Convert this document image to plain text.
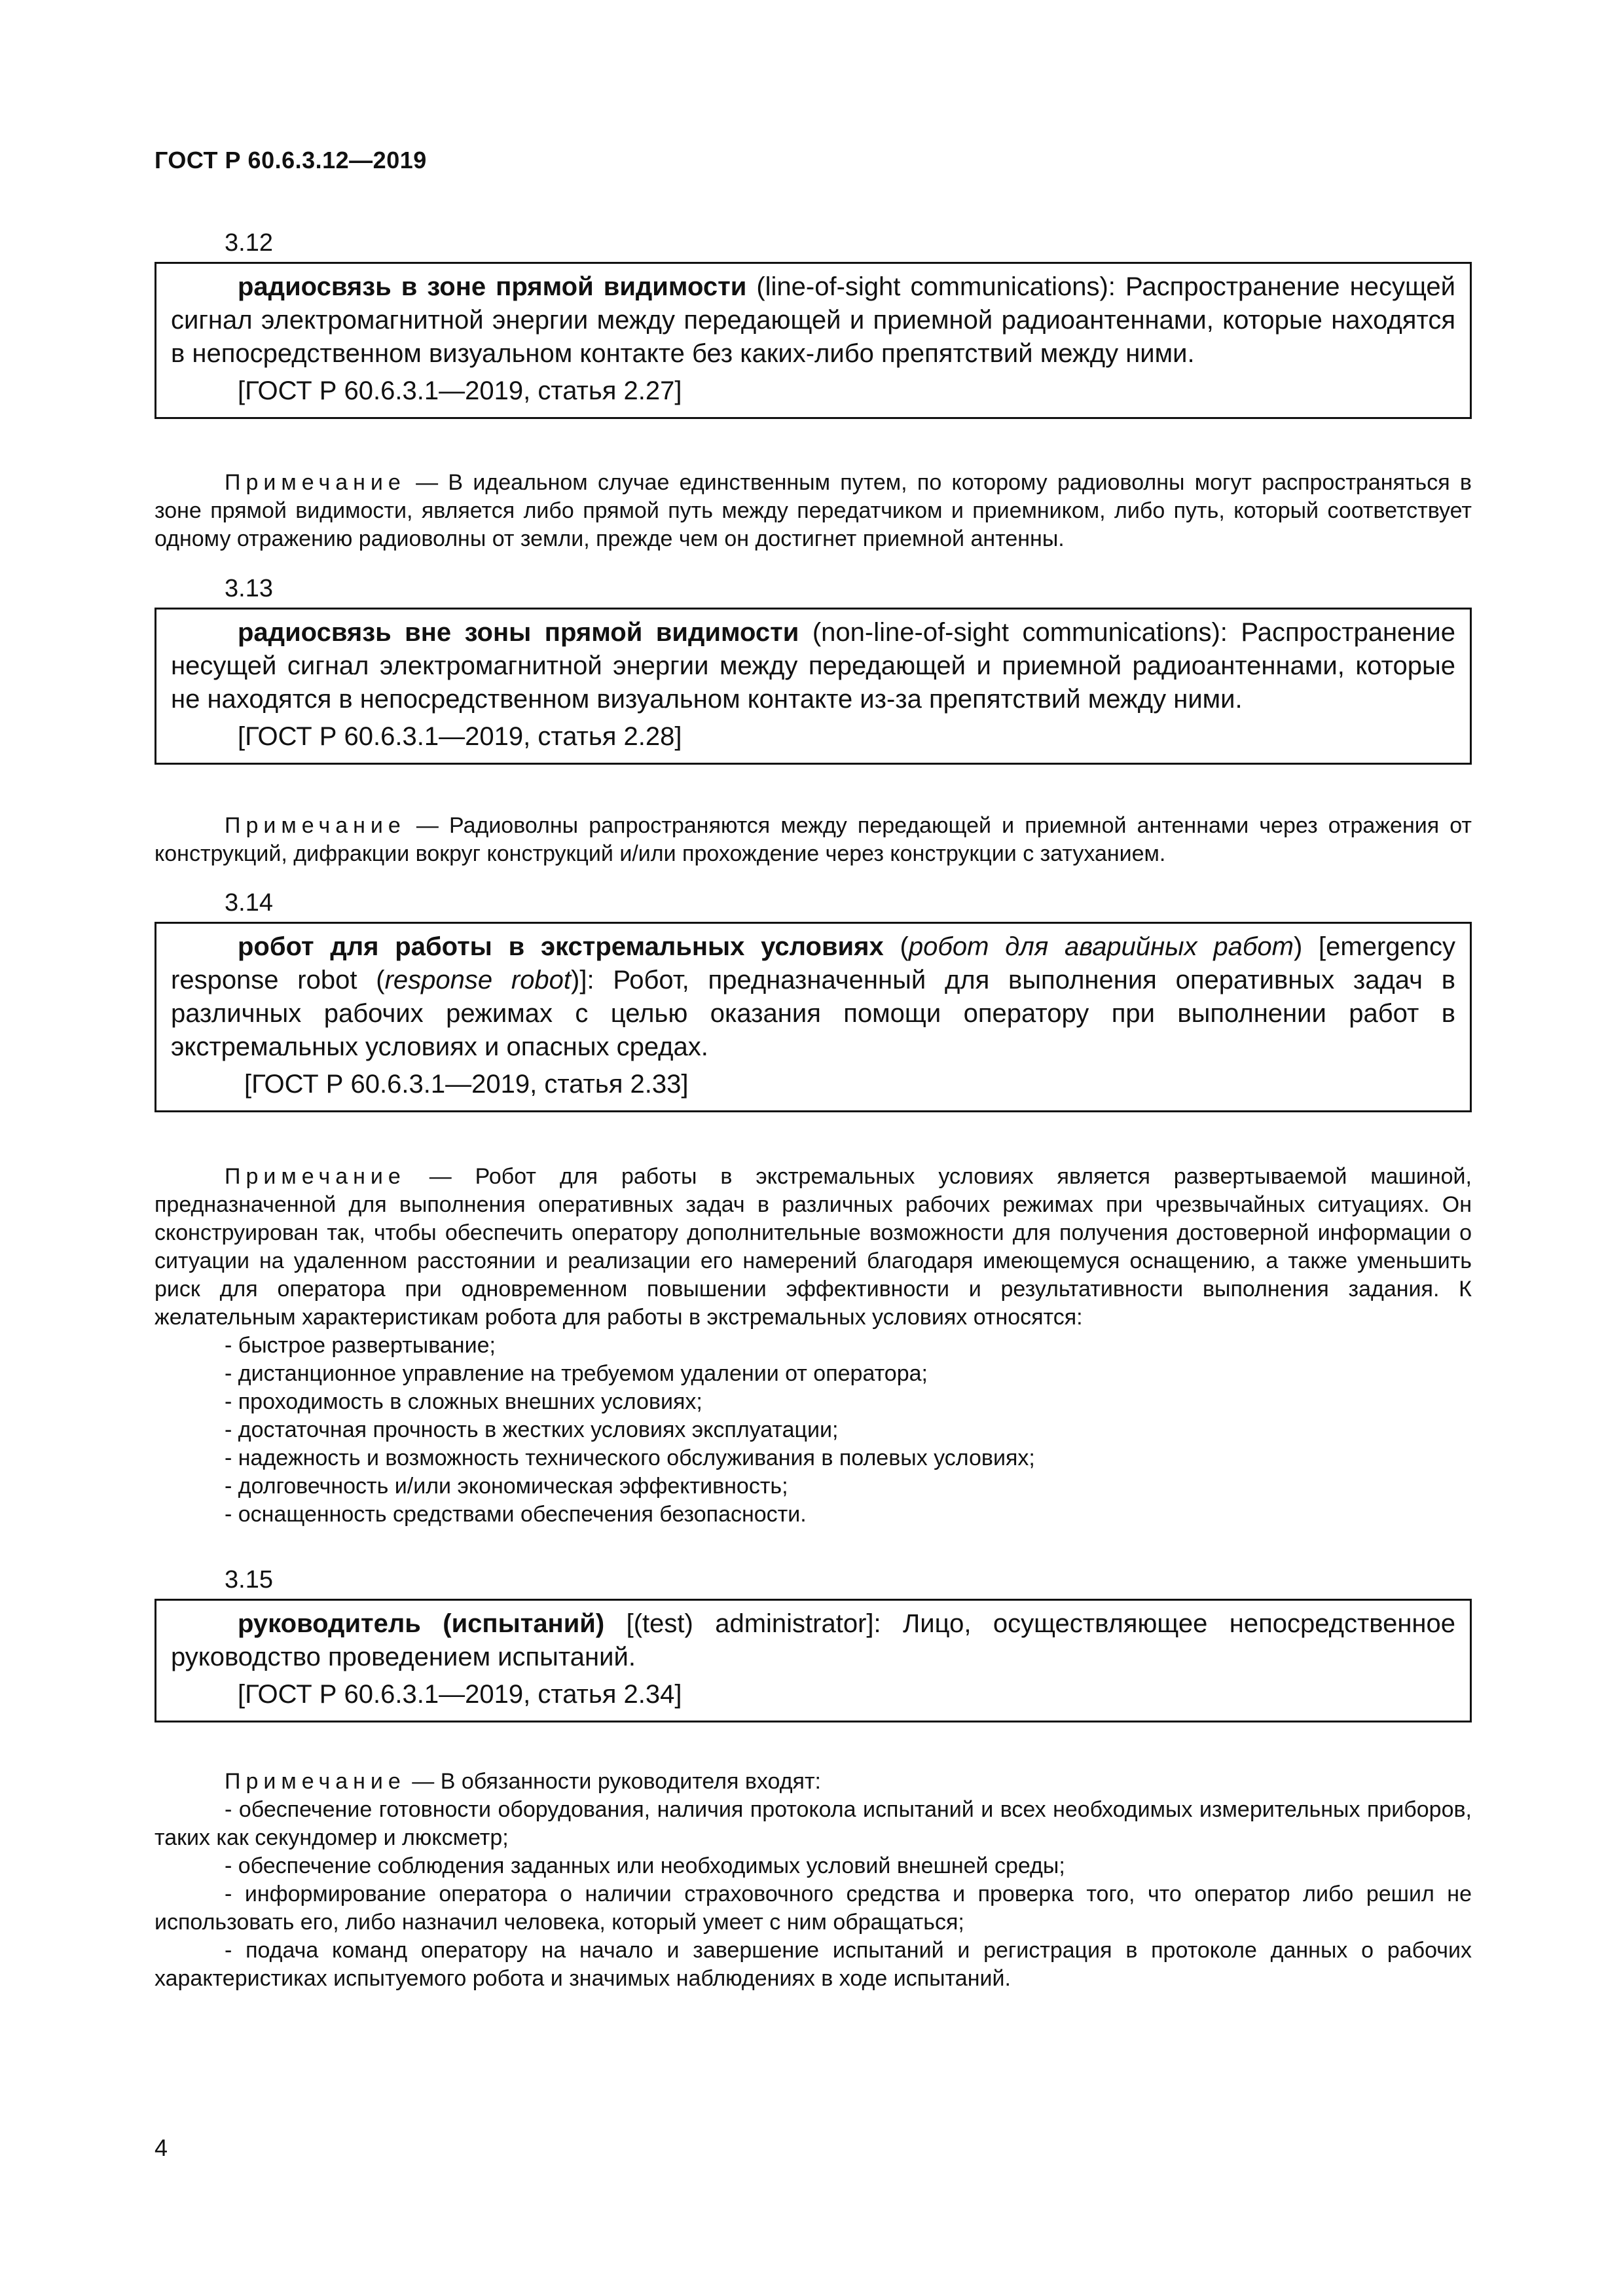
ГОСТ Р 60.6.3.12—2019
3.12

радиосвязь в зоне прямой видимости (line-of-sight communications): Распространение несущей сигнал электромагнитной энергии между передающей и приемной радиоантеннами, которые находятся в непосредственном визуальном контакте без каких-либо препятствий между ними.

[ГОСТ Р 60.6.3.1—2019, статья 2.27]

Примечание — В идеальном случае единственным путем, по которому радиоволны могут распространяться в зоне прямой видимости, является либо прямой путь между передатчиком и приемником, либо путь, который соответствует одному отражению радиоволны от земли, прежде чем он достигнет приемной антенны.

3.13

радиосвязь вне зоны прямой видимости (non-line-of-sight communications): Распространение несущей сигнал электромагнитной энергии между передающей и приемной радиоантеннами, которые не находятся в непосредственном визуальном контакте из-за препятствий между ними.

[ГОСТ Р 60.6.3.1—2019, статья 2.28]

Примечание — Радиоволны рапространяются между передающей и приемной антеннами через отражения от конструкций, дифракции вокруг конструкций и/или прохождение через конструкции с затуханием.

3.14

робот для работы в экстремальных условиях (робот для аварийных работ) [emergency response robot (response robot)]: Робот, предназначенный для выполнения оперативных задач в различных рабочих режимах с целью оказания помощи оператору при выполнении работ в экстремальных условиях и опасных средах.

[ГОСТ Р 60.6.3.1—2019, статья 2.33]

Примечание — Робот для работы в экстремальных условиях является развертываемой машиной, предназначенной для выполнения оперативных задач в различных рабочих режимах при чрезвычайных ситуациях. Он сконструирован так, чтобы обеспечить оператору дополнительные возможности для получения достоверной информации о ситуации на удаленном расстоянии и реализации его намерений благодаря имеющемуся оснащению, а также уменьшить риск для оператора при одновременном повышении эффективности и результативности выполнения задания. К желательным характеристикам робота для работы в экстремальных условиях относятся:

- быстрое развертывание;
- дистанционное управление на требуемом удалении от оператора;
- проходимость в сложных внешних условиях;
- достаточная прочность в жестких условиях эксплуатации;
- надежность и возможность технического обслуживания в полевых условиях;
- долговечность и/или экономическая эффективность;
- оснащенность средствами обеспечения безопасности.
3.15

руководитель (испытаний) [(test) administrator]: Лицо, осуществляющее непосредственное руководство проведением испытаний.

[ГОСТ Р 60.6.3.1—2019, статья 2.34]

Примечание — В обязанности руководителя входят:

- обеспечение готовности оборудования, наличия протокола испытаний и всех необходимых измерительных приборов, таких как секундомер и люксметр;
- обеспечение соблюдения заданных или необходимых условий внешней среды;
- информирование оператора о наличии страховочного средства и проверка того, что оператор либо решил не использовать его, либо назначил человека, который умеет с ним обращаться;
- подача команд оператору на начало и завершение испытаний и регистрация в протоколе данных о рабочих характеристиках испытуемого робота и значимых наблюдениях в ходе испытаний.
4
